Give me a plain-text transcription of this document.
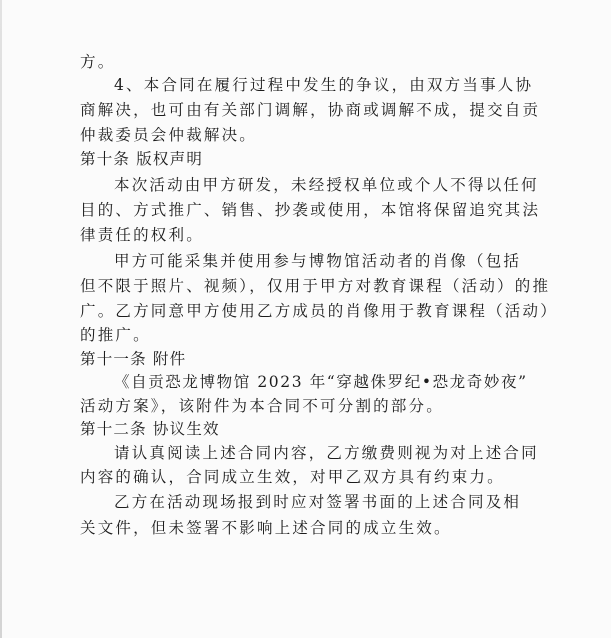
方。
4、本合同在履行过程中发生的争议，由双方当事人协
商解决，也可由有关部门调解，协商或调解不成，提交自贡
仲裁委员会仲裁解决。
第十条 版权声明
本次活动由甲方研发，未经授权单位或个人不得以任何
目的、方式推广、销售、抄袭或使用，本馆将保留追究其法
律责任的权利。
甲方可能采集并使用参与博物馆活动者的肖像（包括
但不限于照片、视频），仅用于甲方对教育课程（活动）的推
广。乙方同意甲方使用乙方成员的肖像用于教育课程（活动）
的推广。
第十一条 附件
《自贡恐龙博物馆 2023 年“穿越侏罗纪•恐龙奇妙夜”
活动方案》，该附件为本合同不可分割的部分。
第十二条 协议生效
请认真阅读上述合同内容，乙方缴费则视为对上述合同
内容的确认，合同成立生效，对甲乙双方具有约束力。
乙方在活动现场报到时应对签署书面的上述合同及相
关文件，但未签署不影响上述合同的成立生效。
